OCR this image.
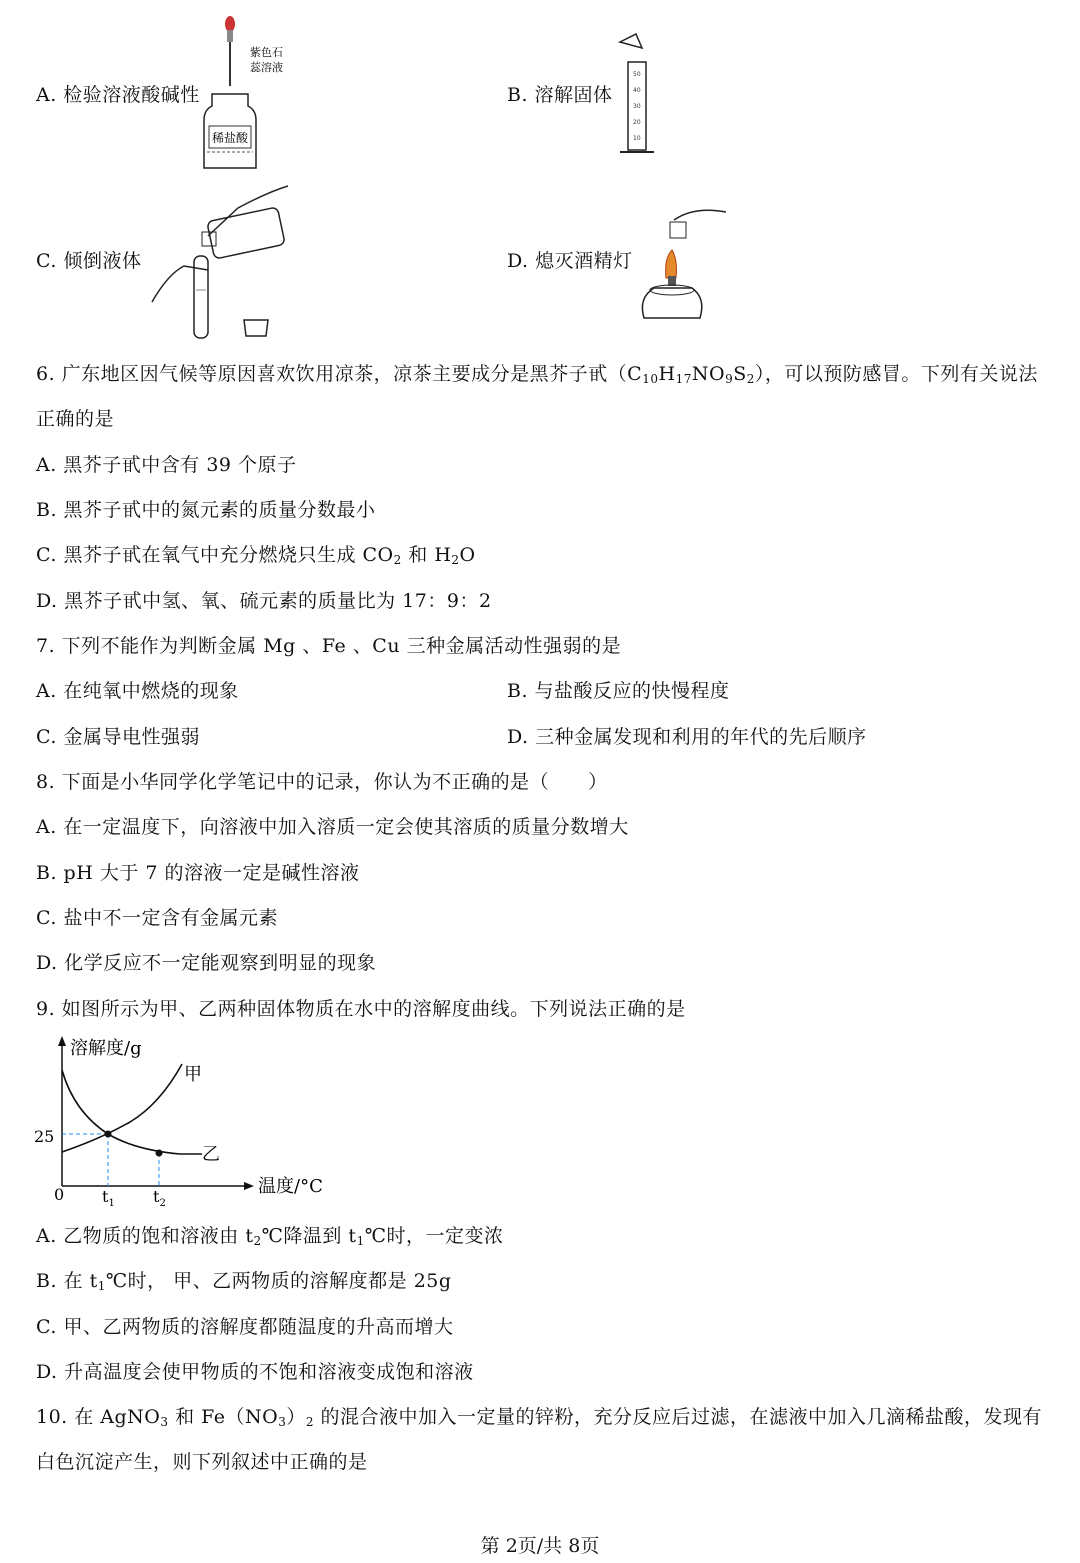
A. 检验溶液酸碱性
稀盐酸
紫色石
蕊溶液
B. 溶解固体
50
40
30
20
10
C. 倾倒液体	D. 熄灭酒精灯
6. 广东地区因气候等原因喜欢饮用凉茶，凉茶主要成分是黑芥子甙$(C_{10}H_{17}NO_9S_2)$，可以预防感冒。下列有关说法
正确的是
A. 黑芥子甙中含有 39 个原子
B. 黑芥子甙中的氮元素的质量分数最小
C. 黑芥子甙在氧气中充分燃烧只生成 $CO_2$ 和 $H_2O$
D. 黑芥子甙中氢、氧、硫元素的质量比为 17：9：2
7. 下列不能作为判断金属 Mg 、Fe 、Cu 三种金属活动性强弱的是
A. 在纯氧中燃烧的现象	B. 与盐酸反应的快慢程度
C. 金属导电性强弱	D. 三种金属发现和利用的年代的先后顺序
8. 下面是小华同学化学笔记中的记录，你认为不正确的是（　　）
A. 在一定温度下，向溶液中加入溶质一定会使其溶质的质量分数增大
B. pH 大于 7 的溶液一定是碱性溶液
C. 盐中不一定含有金属元素
D. 化学反应不一定能观察到明显的现象
9. 如图所示为甲、乙两种固体物质在水中的溶解度曲线。下列说法正确的是
溶解度/g
温度/°C
0
25
甲
乙
$t_1$ $t_2$
A. 乙物质的饱和溶液由 $t_2℃$降温到 $t_1℃$时，一定变浓
B. 在 $t_1℃$时， 甲、乙两物质的溶解度都是 25g
C. 甲、乙两物质的溶解度都随温度的升高而增大
D. 升高温度会使甲物质的不饱和溶液变成饱和溶液
10. 在 AgNO$_3$ 和 $Fe(NO_3)_2$ 的混合液中加入一定量的锌粉，充分反应后过滤，在滤液中加入几滴稀盐酸，发现有
白色沉淀产生，则下列叙述中正确的是
第 2页/共 8页
